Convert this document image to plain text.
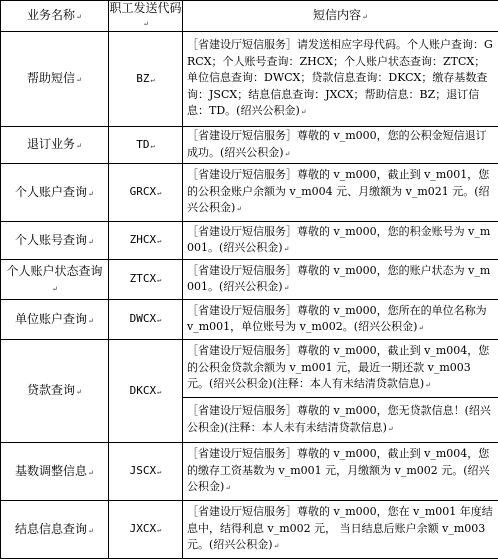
业务名称↵	职工发送代码↵	短信内容↵
帮助短信↵	BZ↵	［省建设厅短信服务］请发送相应字母代码。个人账户查询：GRCX；个人账号查询：ZHCX；个人账户状态查询：ZTCX；单位信息查询：DWCX；贷款信息查询：DKCX；缴存基数查询：JSCX；结息信息查询：JXCX；帮助信息：BZ；退订信息：TD。(绍兴公积金)↵
退订业务↵	TD↵	［省建设厅短信服务］尊敬的 v_m000，您的公积金短信退订成功。(绍兴公积金)↵
个人账户查询↵	GRCX↵	［省建设厅短信服务］尊敬的 v_m000，截止到 v_m001，您的公积金账户余额为 v_m004 元、月缴额为 v_m021 元。(绍兴公积金)↵
个人账号查询↵	ZHCX↵	［省建设厅短信服务］尊敬的 v_m000，您的积金账号为 v_m001。(绍兴公积金)↵
个人账户状态查询↵	ZTCX↵	［省建设厅短信服务］尊敬的 v_m000，您的账户状态为 v_m001。(绍兴公积金)↵
单位账户查询↵	DWCX↵	［省建设厅短信服务］尊敬的 v_m000，您所在的单位名称为 v_m001，单位账号为 v_m002。(绍兴公积金)↵
贷款查询↵	DKCX↵	［省建设厅短信服务］尊敬的 v_m000，截止到 v_m004，您的公积金贷款余额为 v_m001 元，最近一期还款 v_m003 元。(绍兴公积金)(注释：本人有未结清贷款信息)↵
		［省建设厅短信服务］尊敬的 v_m000，您无贷款信息！(绍兴公积金)(注释：本人未有未结清贷款信息)↵
基数调整信息↵	JSCX↵	［省建设厅短信服务］尊敬的 v_m000，截止到 v_m004，您的缴存工资基数为 v_m001 元，月缴额为 v_m002 元。(绍兴公积金)↵
结息信息查询↵	JXCX↵	［省建设厅短信服务］尊敬的 v_m000，您在 v_m001 年度结息中，结得利息 v_m002 元， 当日结息后账户余额 v_m003 元。(绍兴公积金)↵
